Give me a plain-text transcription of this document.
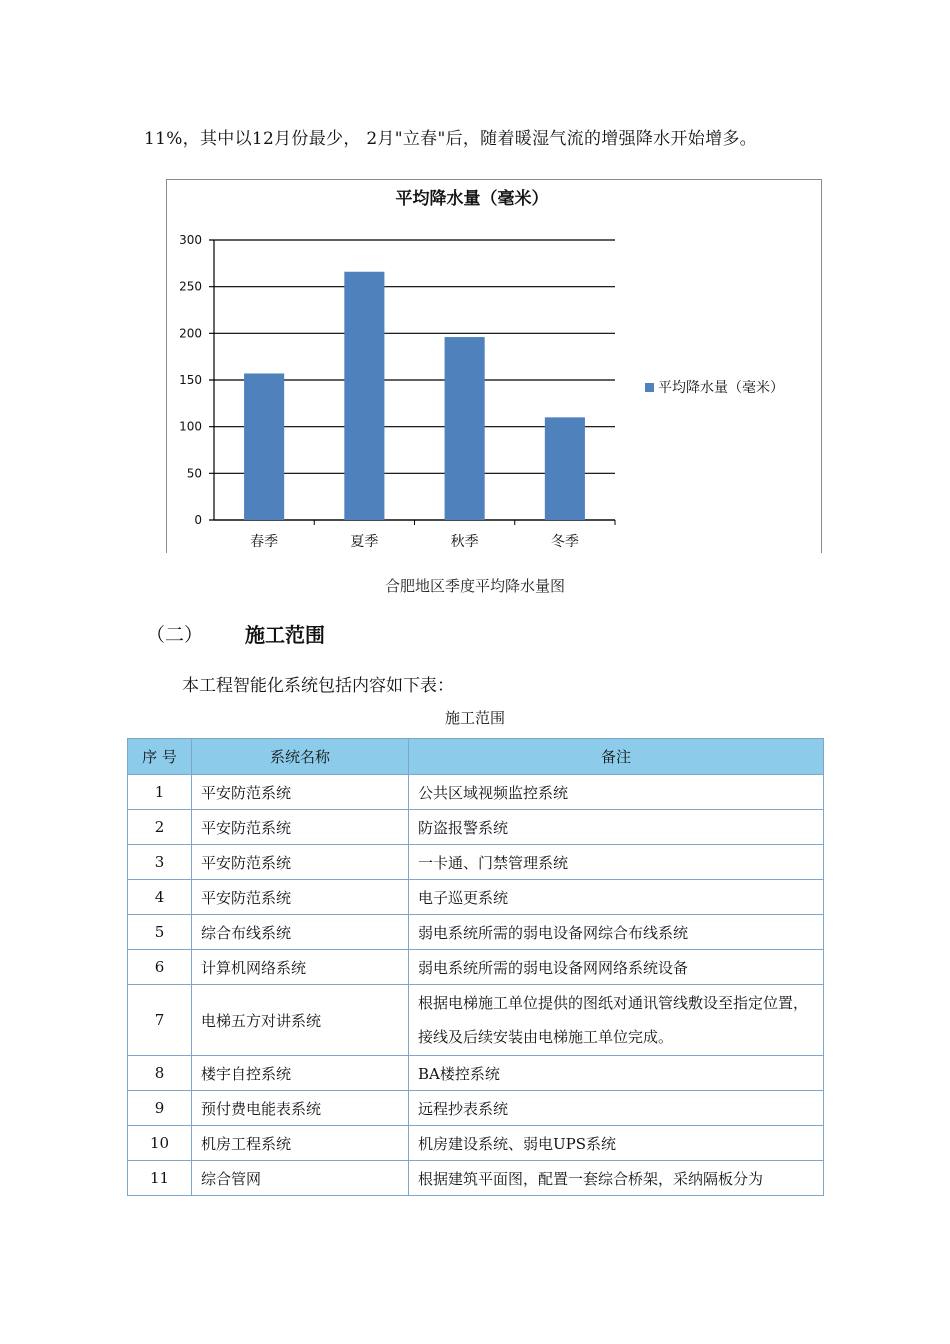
11%，其中以12月份最少， 2月"立春"后，随着暖湿气流的增强降水开始增多。
平均降水量（毫米）
0
50
100
150
200
250
300
春季	夏季	秋季	冬季
平均降水量（毫米）
合肥地区季度平均降水量图
（二） 施工范围
本工程智能化系统包括内容如下表：
施工范围
序 号	系统名称	备注
1	平安防范系统	公共区域视频监控系统
2	平安防范系统	防盗报警系统
3	平安防范系统	一卡通、门禁管理系统
4	平安防范系统	电子巡更系统
5	综合布线系统	弱电系统所需的弱电设备网综合布线系统
6	计算机网络系统	弱电系统所需的弱电设备网网络系统设备
7	电梯五方对讲系统	根据电梯施工单位提供的图纸对通讯管线敷设至指定位置，接线及后续安装由电梯施工单位完成。
8	楼宇自控系统	BA楼控系统
9	预付费电能表系统	远程抄表系统
10	机房工程系统	机房建设系统、弱电UPS系统
11	综合管网	根据建筑平面图，配置一套综合桥架，采纳隔板分为
